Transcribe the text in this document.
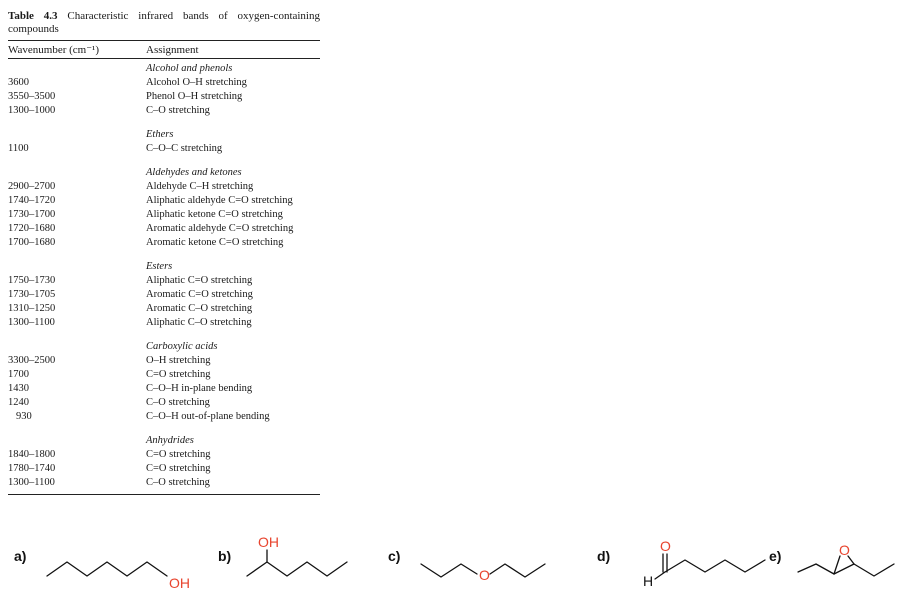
Table 4.3 Characteristic infrared bands of oxygen-containing compounds
Wavenumber (cm⁻¹)	Assignment
Alcohol and phenols
3600	Alcohol O–H stretching
3550–3500	Phenol O–H stretching
1300–1000	C–O stretching
Ethers
1100	C–O–C stretching
Aldehydes and ketones
2900–2700	Aldehyde C–H stretching
1740–1720	Aliphatic aldehyde C=O stretching
1730–1700	Aliphatic ketone C=O stretching
1720–1680	Aromatic aldehyde C=O stretching
1700–1680	Aromatic ketone C=O stretching
Esters
1750–1730	Aliphatic C=O stretching
1730–1705	Aromatic C=O stretching
1310–1250	Aromatic C–O stretching
1300–1100	Aliphatic C–O stretching
Carboxylic acids
3300–2500	O–H stretching
1700	C=O stretching
1430	C–O–H in-plane bending
1240	C–O stretching
930	C–O–H out-of-plane bending
Anhydrides
1840–1800	C=O stretching
1780–1740	C=O stretching
1300–1100	C–O stretching
a)	b)	c)	d)	e)
OH
OH
O
O	O
H
